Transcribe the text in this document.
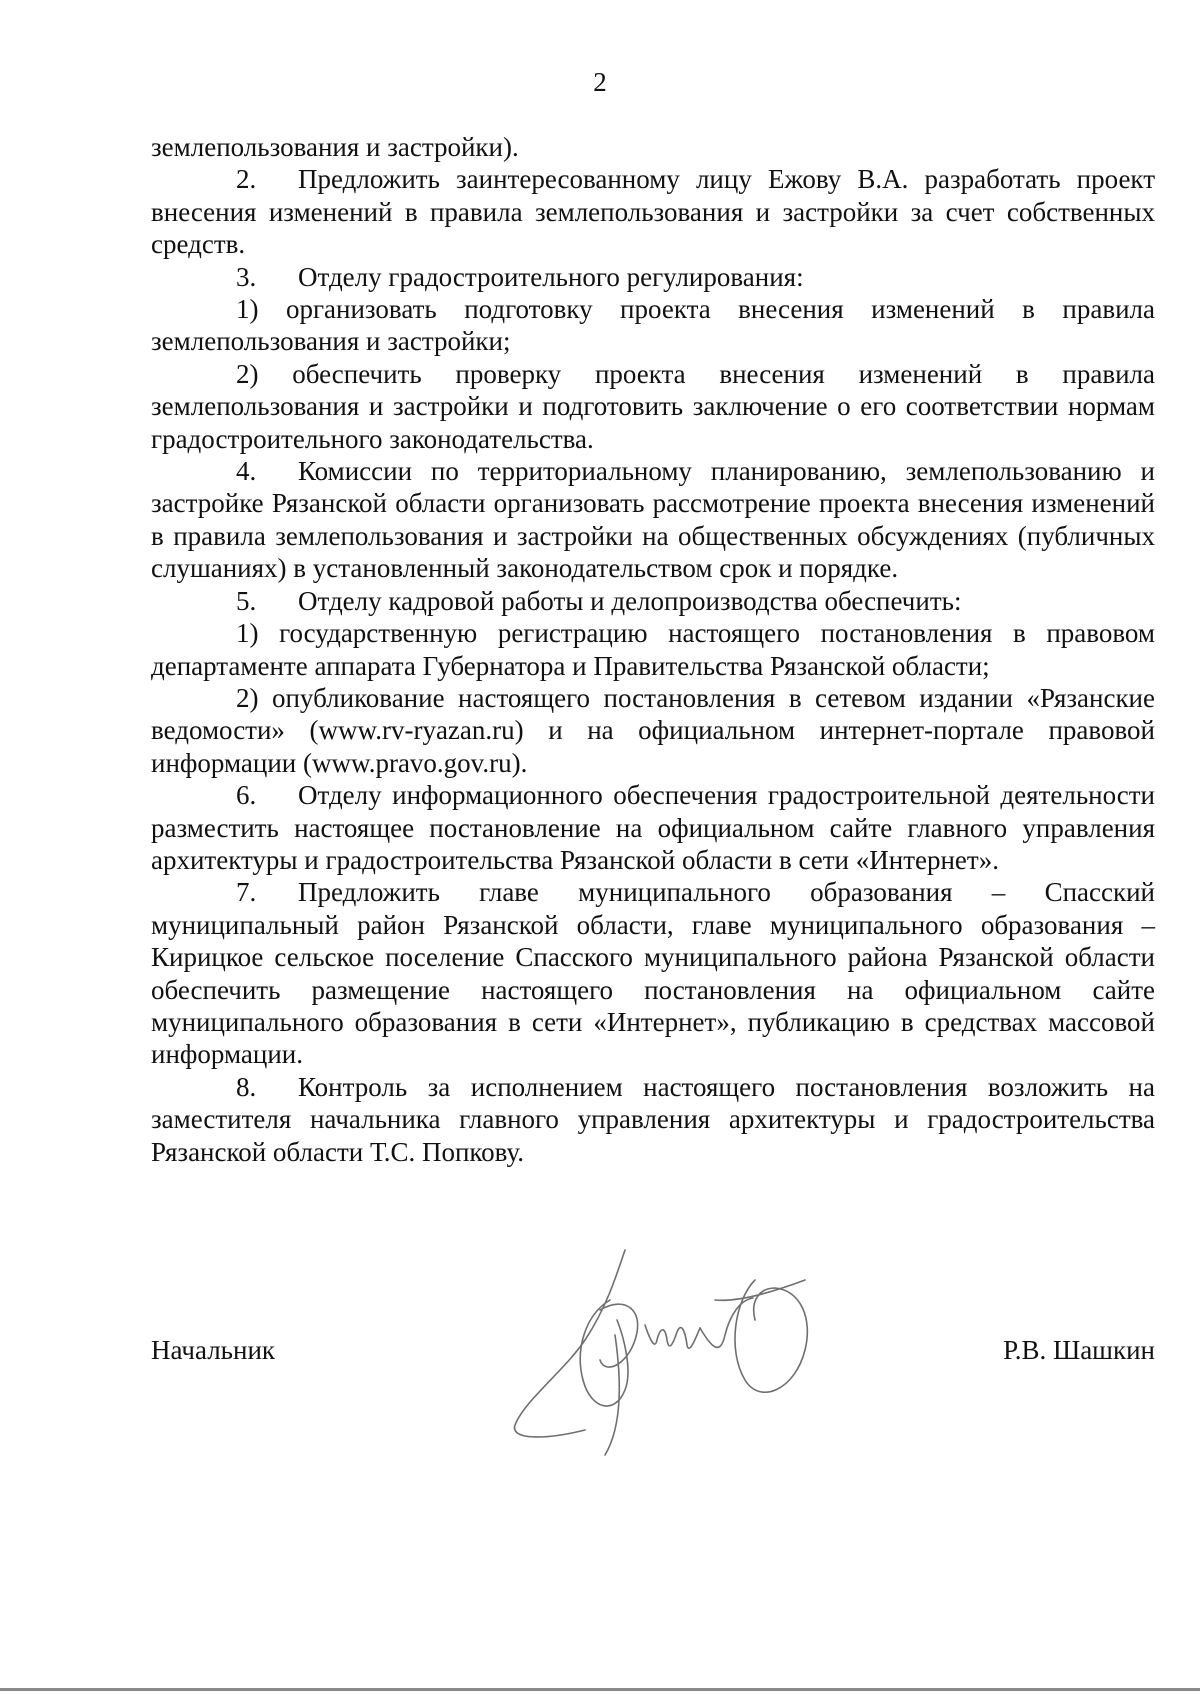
2

землепользования и застройки).

2. Предложить заинтересованному лицу Ежову В.А. разработать проект внесения изменений в правила землепользования и застройки за счет собственных средств.

3. Отделу градостроительного регулирования:

1) организовать подготовку проекта внесения изменений в правила землепользования и застройки;

2) обеспечить проверку проекта внесения изменений в правила землепользования и застройки и подготовить заключение о его соответствии нормам градостроительного законодательства.

4. Комиссии по территориальному планированию, землепользованию и застройке Рязанской области организовать рассмотрение проекта внесения изменений в правила землепользования и застройки на общественных обсуждениях (публичных слушаниях) в установленный законодательством срок и порядке.

5. Отделу кадровой работы и делопроизводства обеспечить:

1) государственную регистрацию настоящего постановления в правовом департаменте аппарата Губернатора и Правительства Рязанской области;

2) опубликование настоящего постановления в сетевом издании «Рязанские ведомости» (www.rv-ryazan.ru) и на официальном интернет-портале правовой информации (www.pravo.gov.ru).

6. Отделу информационного обеспечения градостроительной деятельности разместить настоящее постановление на официальном сайте главного управления архитектуры и градостроительства Рязанской области в сети «Интернет».

7. Предложить главе муниципального образования – Спасский муниципальный район Рязанской области, главе муниципального образования – Кирицкое сельское поселение Спасского муниципального района Рязанской области обеспечить размещение настоящего постановления на официальном сайте муниципального образования в сети «Интернет», публикацию в средствах массовой информации.

8. Контроль за исполнением настоящего постановления возложить на заместителя начальника главного управления архитектуры и градостроительства Рязанской области Т.С. Попкову.

Начальник	Р.В. Шашкин
